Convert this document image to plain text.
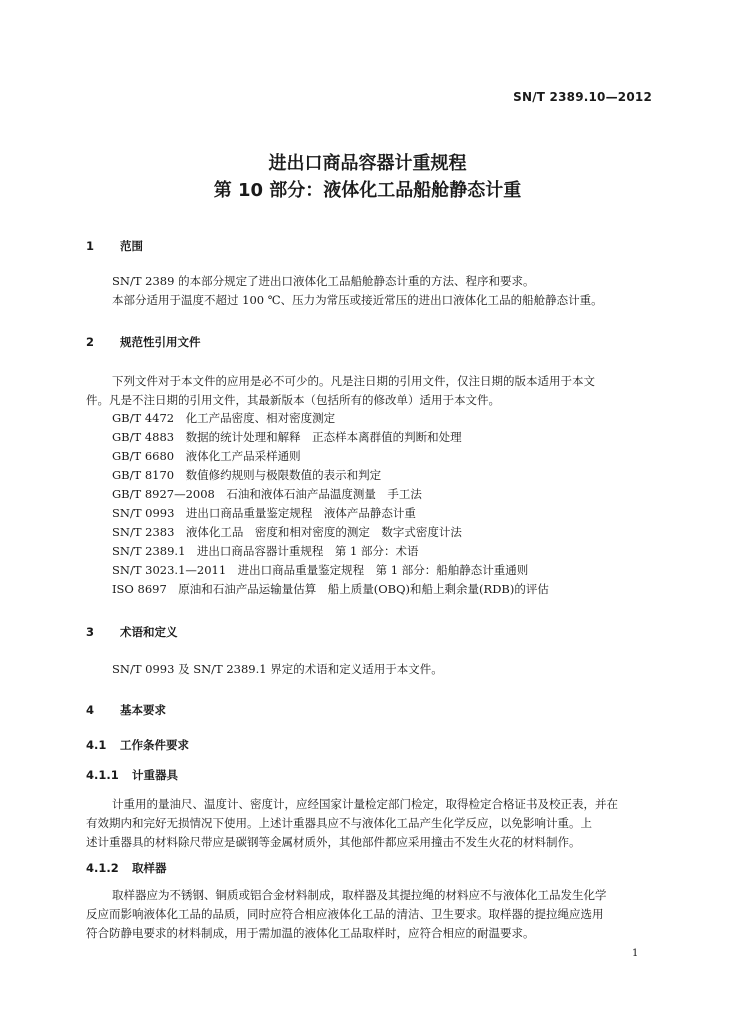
SN/T 2389.10—2012
进出口商品容器计重规程
第 10 部分：液体化工品船舱静态计重
1 范围
SN/T 2389 的本部分规定了进出口液体化工品船舱静态计重的方法、程序和要求。
本部分适用于温度不超过 100 ℃、压力为常压或接近常压的进出口液体化工品的船舱静态计重。
2 规范性引用文件
下列文件对于本文件的应用是必不可少的。凡是注日期的引用文件，仅注日期的版本适用于本文
件。凡是不注日期的引用文件，其最新版本（包括所有的修改单）适用于本文件。
GB/T 4472　化工产品密度、相对密度测定
GB/T 4883　数据的统计处理和解释　正态样本离群值的判断和处理
GB/T 6680　液体化工产品采样通则
GB/T 8170　数值修约规则与极限数值的表示和判定
GB/T 8927—2008　石油和液体石油产品温度测量　手工法
SN/T 0993　进出口商品重量鉴定规程　液体产品静态计重
SN/T 2383　液体化工品　密度和相对密度的测定　数字式密度计法
SN/T 2389.1　进出口商品容器计重规程　第 1 部分：术语
SN/T 3023.1—2011　进出口商品重量鉴定规程　第 1 部分：船舶静态计重通则
ISO 8697　原油和石油产品运输量估算　船上质量(OBQ)和船上剩余量(RDB)的评估
3 术语和定义
SN/T 0993 及 SN/T 2389.1 界定的术语和定义适用于本文件。
4 基本要求
4.1 工作条件要求
4.1.1 计重器具
计重用的量油尺、温度计、密度计，应经国家计量检定部门检定，取得检定合格证书及校正表，并在
有效期内和完好无损情况下使用。上述计重器具应不与液体化工品产生化学反应，以免影响计重。上
述计重器具的材料除尺带应是碳钢等金属材质外，其他部件都应采用撞击不发生火花的材料制作。
4.1.2 取样器
取样器应为不锈钢、铜质或铝合金材料制成，取样器及其提拉绳的材料应不与液体化工品发生化学
反应而影响液体化工品的品质，同时应符合相应液体化工品的清洁、卫生要求。取样器的提拉绳应选用
符合防静电要求的材料制成，用于需加温的液体化工品取样时，应符合相应的耐温要求。
1
